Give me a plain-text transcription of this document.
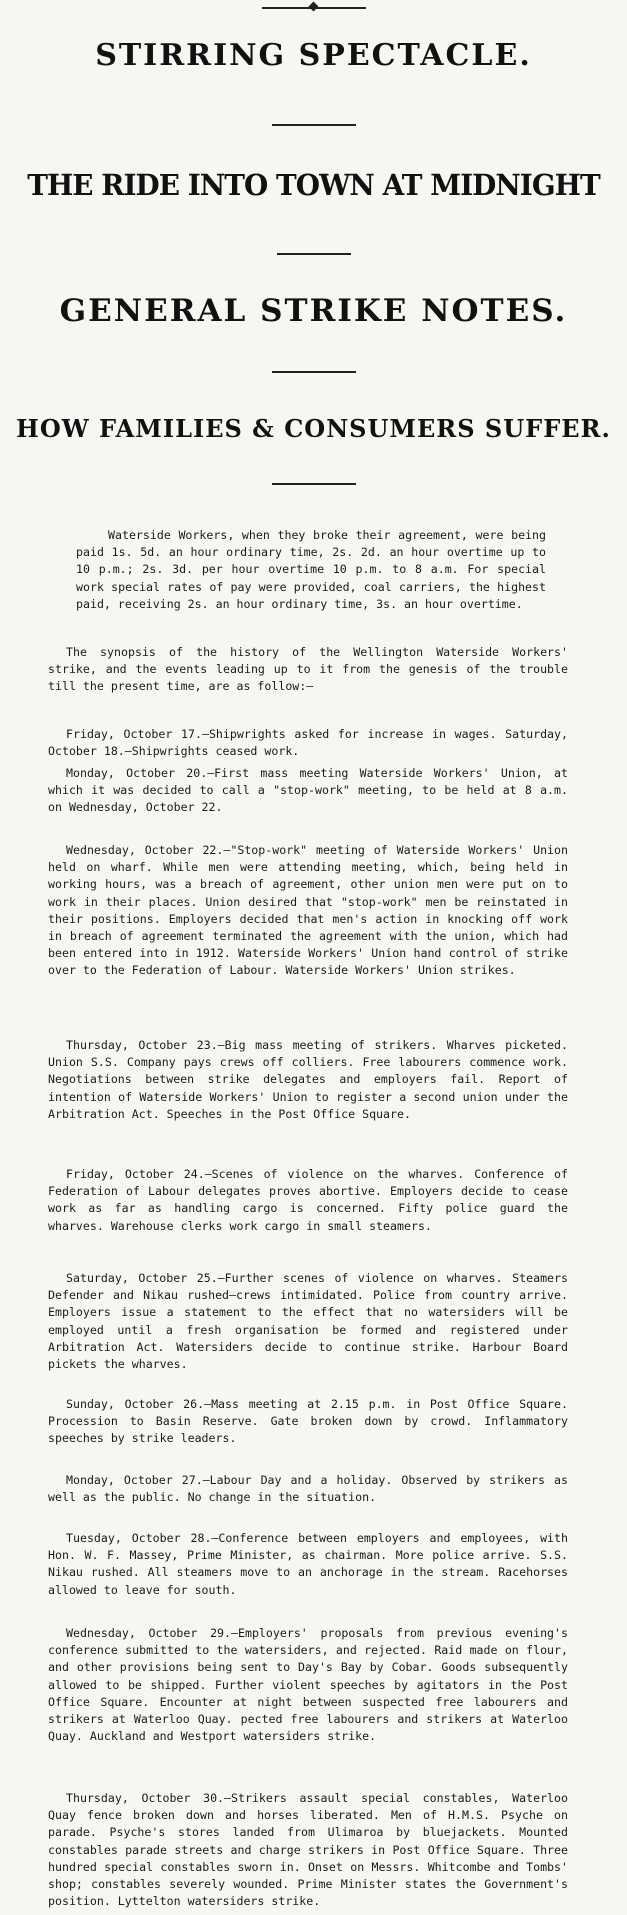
STIRRING SPECTACLE.
THE RIDE INTO TOWN AT MIDNIGHT
GENERAL STRIKE NOTES.
HOW FAMILIES & CONSUMERS SUFFER.
Waterside Workers, when they broke their agreement, were being paid 1s. 5d. an hour ordinary time, 2s. 2d. an hour overtime up to 10 p.m.; 2s. 3d. per hour overtime 10 p.m. to 8 a.m. For special work special rates of pay were provided, coal carriers, the highest paid, receiving 2s. an hour ordinary time, 3s. an hour overtime.
The synopsis of the history of the Wellington Waterside Workers' strike, and the events leading up to it from the genesis of the trouble till the present time, are as follow:—
Friday, October 17.—Shipwrights asked for increase in wages. Saturday, October 18.—Shipwrights ceased work.
Monday, October 20.—First mass meeting Waterside Workers' Union, at which it was decided to call a "stop-work" meeting, to be held at 8 a.m. on Wednesday, October 22.
Wednesday, October 22.—"Stop-work" meeting of Waterside Workers' Union held on wharf. While men were attending meeting, which, being held in working hours, was a breach of agreement, other union men were put on to work in their places. Union desired that "stop-work" men be reinstated in their positions. Employers decided that men's action in knocking off work in breach of agreement terminated the agreement with the union, which had been entered into in 1912. Waterside Workers' Union hand control of strike over to the Federation of Labour. Waterside Workers' Union strikes.
Thursday, October 23.—Big mass meeting of strikers. Wharves picketed. Union S.S. Company pays crews off colliers. Free labourers commence work. Negotiations between strike delegates and employers fail. Report of intention of Waterside Workers' Union to register a second union under the Arbitration Act. Speeches in the Post Office Square.
Friday, October 24.—Scenes of violence on the wharves. Conference of Federation of Labour delegates proves abortive. Employers decide to cease work as far as handling cargo is concerned. Fifty police guard the wharves. Warehouse clerks work cargo in small steamers.
Saturday, October 25.—Further scenes of violence on wharves. Steamers Defender and Nikau rushed—crews intimidated. Police from country arrive. Employers issue a statement to the effect that no watersiders will be employed until a fresh organisation be formed and registered under Arbitration Act. Watersiders decide to continue strike. Harbour Board pickets the wharves.
Sunday, October 26.—Mass meeting at 2.15 p.m. in Post Office Square. Procession to Basin Reserve. Gate broken down by crowd. Inflammatory speeches by strike leaders.
Monday, October 27.—Labour Day and a holiday. Observed by strikers as well as the public. No change in the situation.
Tuesday, October 28.—Conference between employers and employees, with Hon. W. F. Massey, Prime Minister, as chairman. More police arrive. S.S. Nikau rushed. All steamers move to an anchorage in the stream. Racehorses allowed to leave for south.
Wednesday, October 29.—Employers' proposals from previous evening's conference submitted to the watersiders, and rejected. Raid made on flour, and other provisions being sent to Day's Bay by Cobar. Goods subsequently allowed to be shipped. Further violent speeches by agitators in the Post Office Square. Encounter at night between suspected free labourers and strikers at Waterloo Quay. pected free labourers and strikers at Waterloo Quay. Auckland and Westport watersiders strike.
Thursday, October 30.—Strikers assault special constables, Waterloo Quay fence broken down and horses liberated. Men of H.M.S. Psyche on parade. Psyche's stores landed from Ulimaroa by bluejackets. Mounted constables parade streets and charge strikers in Post Office Square. Three hundred special constables sworn in. Onset on Messrs. Whitcombe and Tombs' shop; constables severely wounded. Prime Minister states the Government's position. Lyttelton watersiders strike.
